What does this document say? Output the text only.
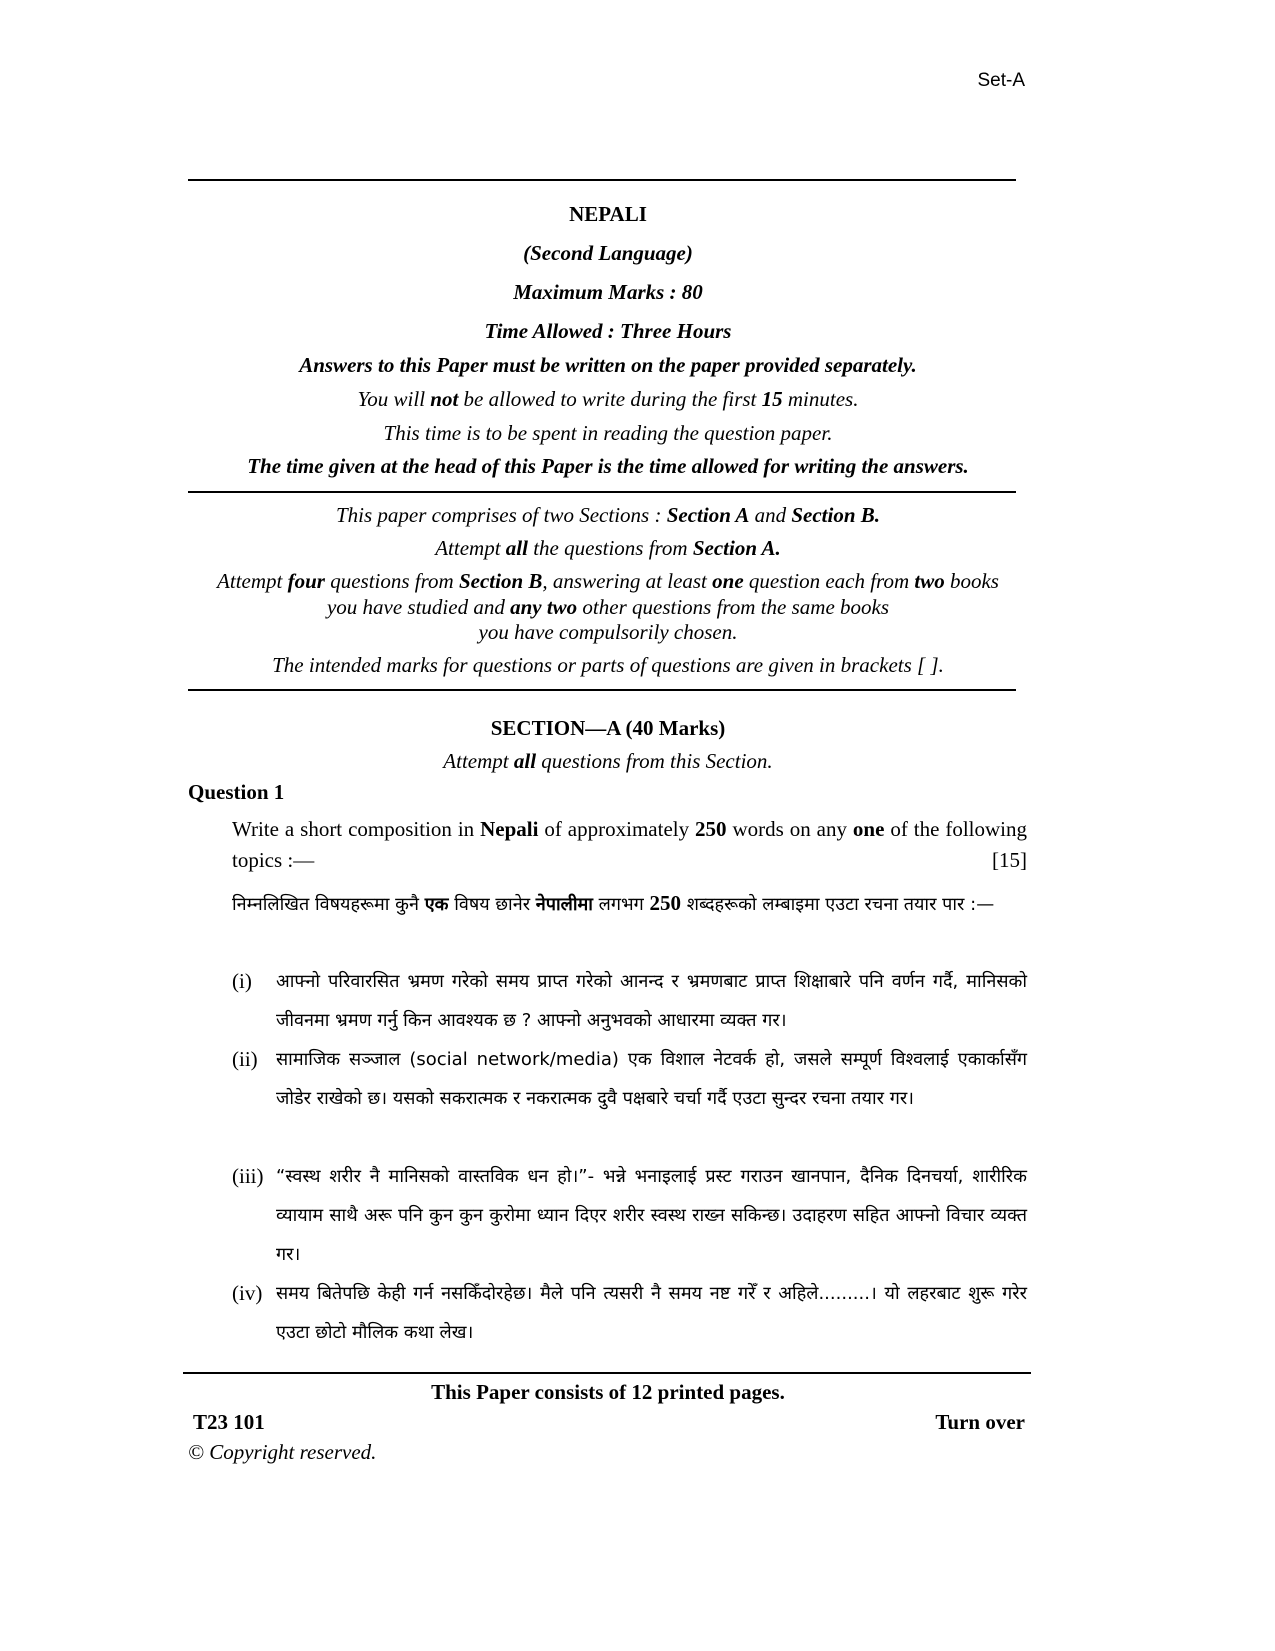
Set-A
NEPALI
(Second Language)
Maximum Marks : 80
Time Allowed : Three Hours
Answers to this Paper must be written on the paper provided separately.
You will not be allowed to write during the first 15 minutes.
This time is to be spent in reading the question paper.
The time given at the head of this Paper is the time allowed for writing the answers.
This paper comprises of two Sections : Section A and Section B.
Attempt all the questions from Section A.
Attempt four questions from Section B, answering at least one question each from two books
you have studied and any two other questions from the same books
you have compulsorily chosen.
The intended marks for questions or parts of questions are given in brackets [ ].
SECTION—A (40 Marks)
Attempt all questions from this Section.
Question 1
Write a short composition in Nepali of approximately 250 words on any one of the following topics :—	[15]
निम्नलिखित विषयहरूमा कुनै एक विषय छानेर नेपालीमा लगभग 250 शब्दहरूको लम्बाइमा एउटा रचना तयार पार :—
(i)	आफ्नो परिवारसित भ्रमण गरेको समय प्राप्त गरेको आनन्द र भ्रमणबाट प्राप्त शिक्षाबारे पनि वर्णन गर्दै, मानिसको जीवनमा भ्रमण गर्नु किन आवश्यक छ ? आफ्नो अनुभवको आधारमा व्यक्त गर।
(ii)	सामाजिक सञ्जाल (social network/media) एक विशाल नेटवर्क हो, जसले सम्पूर्ण विश्वलाई एकार्कासँग जोडेर राखेको छ। यसको सकरात्मक र नकरात्मक दुवै पक्षबारे चर्चा गर्दै एउटा सुन्दर रचना तयार गर।
(iii) “स्वस्थ शरीर नै मानिसको वास्तविक धन हो।”- भन्ने भनाइलाई प्रस्ट गराउन खानपान, दैनिक दिनचर्या, शारीरिक व्यायाम साथै अरू पनि कुन कुन कुरोमा ध्यान दिएर शरीर स्वस्थ राख्न सकिन्छ। उदाहरण सहित आफ्नो विचार व्यक्त गर।
(iv) समय बितेपछि केही गर्न नसकिँदोरहेछ। मैले पनि त्यसरी नै समय नष्ट गरेँ र अहिले.........। यो लहरबाट शुरू गरेर एउटा छोटो मौलिक कथा लेख।
This Paper consists of 12 printed pages.
T23 101	Turn over
© Copyright reserved.
